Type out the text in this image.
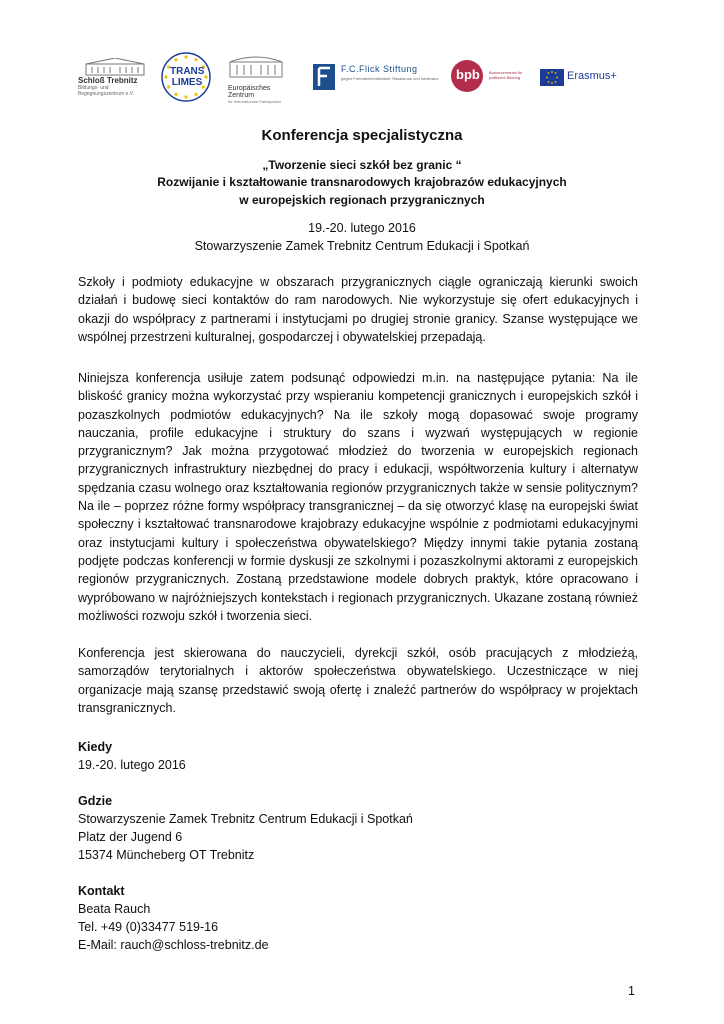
Schloß Trebnitz
Bildungs- und Begegnungszentrum e.V.
TRANS
LIMES
Europäisches Zentrum
für Internationale Partizipation
F.C.Flick Stiftung
gegen Fremdenfeindlichkeit, Rassismus und Intoleranz bpb Bundeszentrale für politische Bildung	Erasmus+
Konferencja specjalistyczna
„Tworzenie sieci szkół bez granic “
Rozwijanie i kształtowanie transnarodowych krajobrazów edukacyjnych
w europejskich regionach przygranicznych
19.-20. lutego 2016
Stowarzyszenie Zamek Trebnitz Centrum Edukacji i Spotkań

Szkoły i podmioty edukacyjne w obszarach przygranicznych ciągle ograniczają kierunki swoich działań i budowę sieci kontaktów do ram narodowych. Nie wykorzystuje się ofert edukacyjnych i okazji do współpracy z partnerami i instytucjami po drugiej stronie granicy. Szanse występujące we wspólnej przestrzeni kulturalnej, gospodarczej i obywatelskiej przepadają.

Niniejsza konferencja usiłuje zatem podsunąć odpowiedzi m.in. na następujące pytania: Na ile bliskość granicy można wykorzystać przy wspieraniu kompetencji granicznych i europejskich szkół i pozaszkolnych podmiotów edukacyjnych? Na ile szkoły mogą dopasować swoje programy nauczania, profile edukacyjne i struktury do szans i wyzwań występujących w regionie przygranicznym? Jak można przygotować młodzież do tworzenia w europejskich regionach przygranicznych infrastruktury niezbędnej do pracy i edukacji, współtworzenia kultury i alternatyw spędzania czasu wolnego oraz kształtowania regionów przygranicznych także w sensie politycznym? Na ile – poprzez różne formy współpracy transgranicznej – da się otworzyć klasę na europejski świat społeczny i kształtować transnarodowe krajobrazy edukacyjne wspólnie z podmiotami edukacyjnymi oraz instytucjami kultury i społeczeństwa obywatelskiego? Między innymi takie pytania zostaną podjęte podczas konferencji w formie dyskusji ze szkolnymi i pozaszkolnymi aktorami z europejskich regionów przygranicznych. Zostaną przedstawione modele dobrych praktyk, które opracowano i wypróbowano w najróżniejszych kontekstach i regionach przygranicznych. Ukazane zostaną również możliwości rozwoju szkół i tworzenia sieci.

Konferencja jest skierowana do nauczycieli, dyrekcji szkół, osób pracujących z młodzieżą, samorządów terytorialnych i aktorów społeczeństwa obywatelskiego. Uczestniczące w niej organizacje mają szansę przedstawić swoją ofertę i znaleźć partnerów do współpracy w projektach transgranicznych.

Kiedy
19.-20. lutego 2016
Gdzie
Stowarzyszenie Zamek Trebnitz Centrum Edukacji i Spotkań
Platz der Jugend 6
15374 Müncheberg OT Trebnitz
Kontakt
Beata Rauch
Tel. +49 (0)33477 519-16
E-Mail: rauch@schloss-trebnitz.de
1
